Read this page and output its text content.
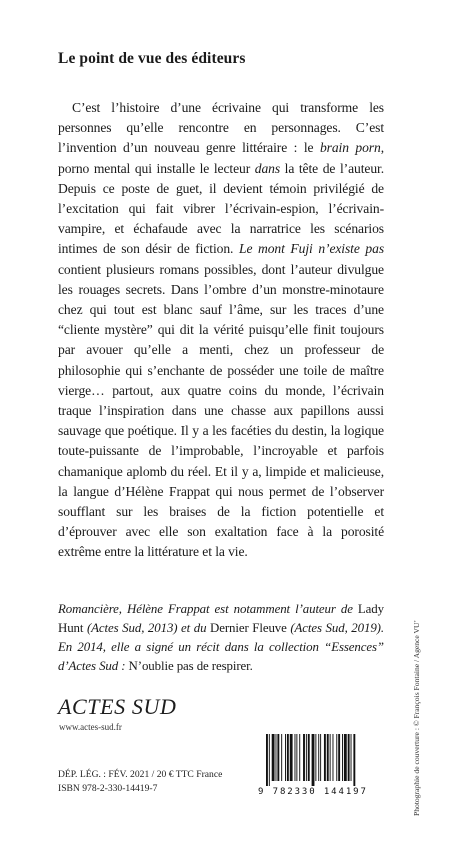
Le point de vue des éditeurs
C’est l’histoire d’une écrivaine qui transforme les personnes qu’elle rencontre en personnages. C’est l’invention d’un nouveau genre littéraire : le brain porn, porno mental qui installe le lecteur dans la tête de l’auteur. Depuis ce poste de guet, il devient témoin privilégié de l’excitation qui fait vibrer l’écrivain-espion, l’écrivain-vampire, et échafaude avec la narratrice les scénarios intimes de son désir de fiction. Le mont Fuji n’existe pas contient plusieurs romans possibles, dont l’auteur divulgue les rouages secrets. Dans l’ombre d’un monstre-minotaure chez qui tout est blanc sauf l’âme, sur les traces d’une “cliente mystère” qui dit la vérité puisqu’elle finit toujours par avouer qu’elle a menti, chez un professeur de philosophie qui s’enchante de posséder une toile de maître vierge… partout, aux quatre coins du monde, l’écrivain traque l’inspiration dans une chasse aux papillons aussi sauvage que poétique. Il y a les facéties du destin, la logique toute-puissante de l’improbable, l’incroyable et parfois chamanique aplomb du réel. Et il y a, limpide et malicieuse, la langue d’Hélène Frappat qui nous permet de l’observer soufflant sur les braises de la fiction potentielle et d’éprouver avec elle son exaltation face à la porosité extrême entre la littérature et la vie.
Romancière, Hélène Frappat est notamment l’auteur de Lady Hunt (Actes Sud, 2013) et du Dernier Fleuve (Actes Sud, 2019). En 2014, elle a signé un récit dans la collection “Essences” d’Actes Sud : N’oublie pas de respirer.
ACTES SUD
www.actes-sud.fr
DÉP. LÉG. : FÉV. 2021 / 20 € TTC France
ISBN 978-2-330-14419-7	9 782330 144197	Photographie de couverture : © François Fontaine / Agence VU’
